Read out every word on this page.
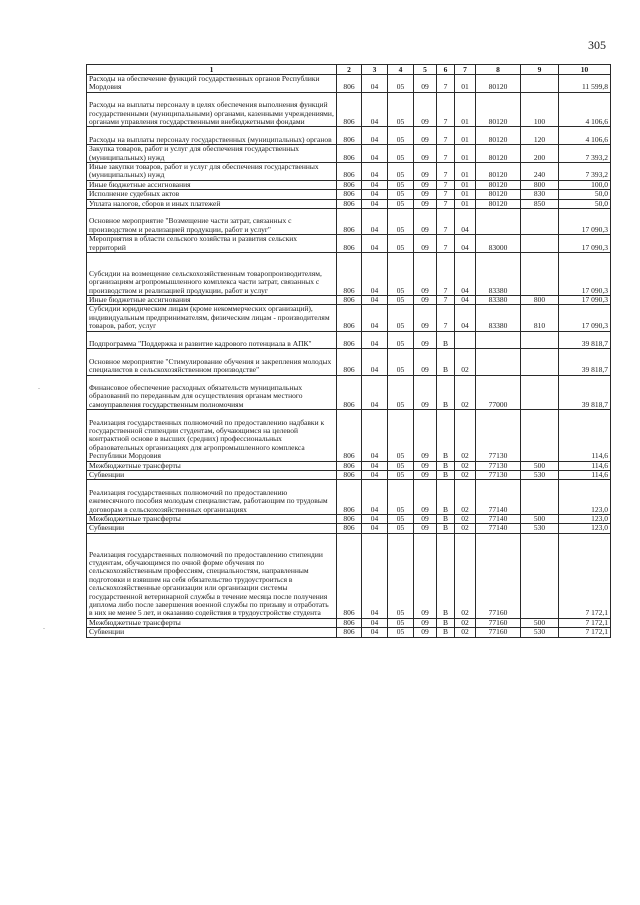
305
.
.
1	2	3	4	5	6	7	8	9	10
Расходы на обеспечение функций государственных органов Республики Мордовия	806	04	05	09	7	01	80120		11 599,8
Расходы на выплаты персоналу в целях обеспечения выполнения функций государственными (муниципальными) органами, казенными учреждениями, органами управления государственными внебюджетными фондами	806	04	05	09	7	01	80120	100	4 106,6
Расходы на выплаты персоналу государственных (муниципальных) органов	806	04	05	09	7	01	80120	120	4 106,6
Закупка товаров, работ и услуг для обеспечения государственных (муниципальных) нужд	806	04	05	09	7	01	80120	200	7 393,2
Иные закупки товаров, работ и услуг для обеспечения государственных (муниципальных) нужд	806	04	05	09	7	01	80120	240	7 393,2
Иные бюджетные ассигнования	806	04	05	09	7	01	80120	800	100,0
Исполнение судебных актов	806	04	05	09	7	01	80120	830	50,0
Уплата налогов, сборов и иных платежей	806	04	05	09	7	01	80120	850	50,0
Основное мероприятие "Возмещение части затрат, связанных с производством и реализацией продукции, работ и услуг"	806	04	05	09	7	04			17 090,3
Мероприятия в области сельского хозяйства и развития сельских территорий	806	04	05	09	7	04	83000		17 090,3
Субсидии на возмещение сельскохозяйственным товаропроизводителям, организациям агропромышленного комплекса части затрат, связанных с производством и реализацией продукции, работ и услуг	806	04	05	09	7	04	83380		17 090,3
Иные бюджетные ассигнования	806	04	05	09	7	04	83380	800	17 090,3
Субсидии юридическим лицам (кроме некоммерческих организаций), индивидуальным предпринимателям, физическим лицам - производителям товаров, работ, услуг	806	04	05	09	7	04	83380	810	17 090,3
Подпрограмма "Поддержка и развитие кадрового потенциала в АПК"	806	04	05	09	В				39 818,7
Основное мероприятие "Стимулирование обучения и закрепления молодых специалистов в сельскохозяйственном производстве"	806	04	05	09	В	02			39 818,7
Финансовое обеспечение расходных обязательств муниципальных образований по переданным для осуществления органам местного самоуправления государственным полномочиям	806	04	05	09	В	02	77000		39 818,7
Реализация государственных полномочий по предоставлению надбавки к государственной стипендии студентам, обучающимся на целевой контрактной основе в высших (средних) профессиональных образовательных организациях для агропромышленного комплекса Республики Мордовия	806	04	05	09	В	02	77130		114,6
Межбюджетные трансферты	806	04	05	09	В	02	77130	500	114,6
Субвенции	806	04	05	09	В	02	77130	530	114,6
Реализация государственных полномочий по предоставлению ежемесячного пособия молодым специалистам, работающим по трудовым договорам в сельскохозяйственных организациях	806	04	05	09	В	02	77140		123,0
Межбюджетные трансферты	806	04	05	09	В	02	77140	500	123,0
Субвенции	806	04	05	09	В	02	77140	530	123,0
Реализация государственных полномочий по предоставлению стипендии студентам, обучающимся по очной форме обучения по сельскохозяйственным профессиям, специальностям, направленным подготовки и взявшим на себя обязательство трудоустроиться в сельскохозяйственные организации или организации системы государственной ветеринарной службы в течение месяца после получения диплома либо после завершения военной службы по призыву и отработать в них не менее 5 лет, и оказанию содействия в трудоустройстве студента	806	04	05	09	В	02	77160		7 172,1
Межбюджетные трансферты	806	04	05	09	В	02	77160	500	7 172,1
Субвенции	806	04	05	09	В	02	77160	530	7 172,1
